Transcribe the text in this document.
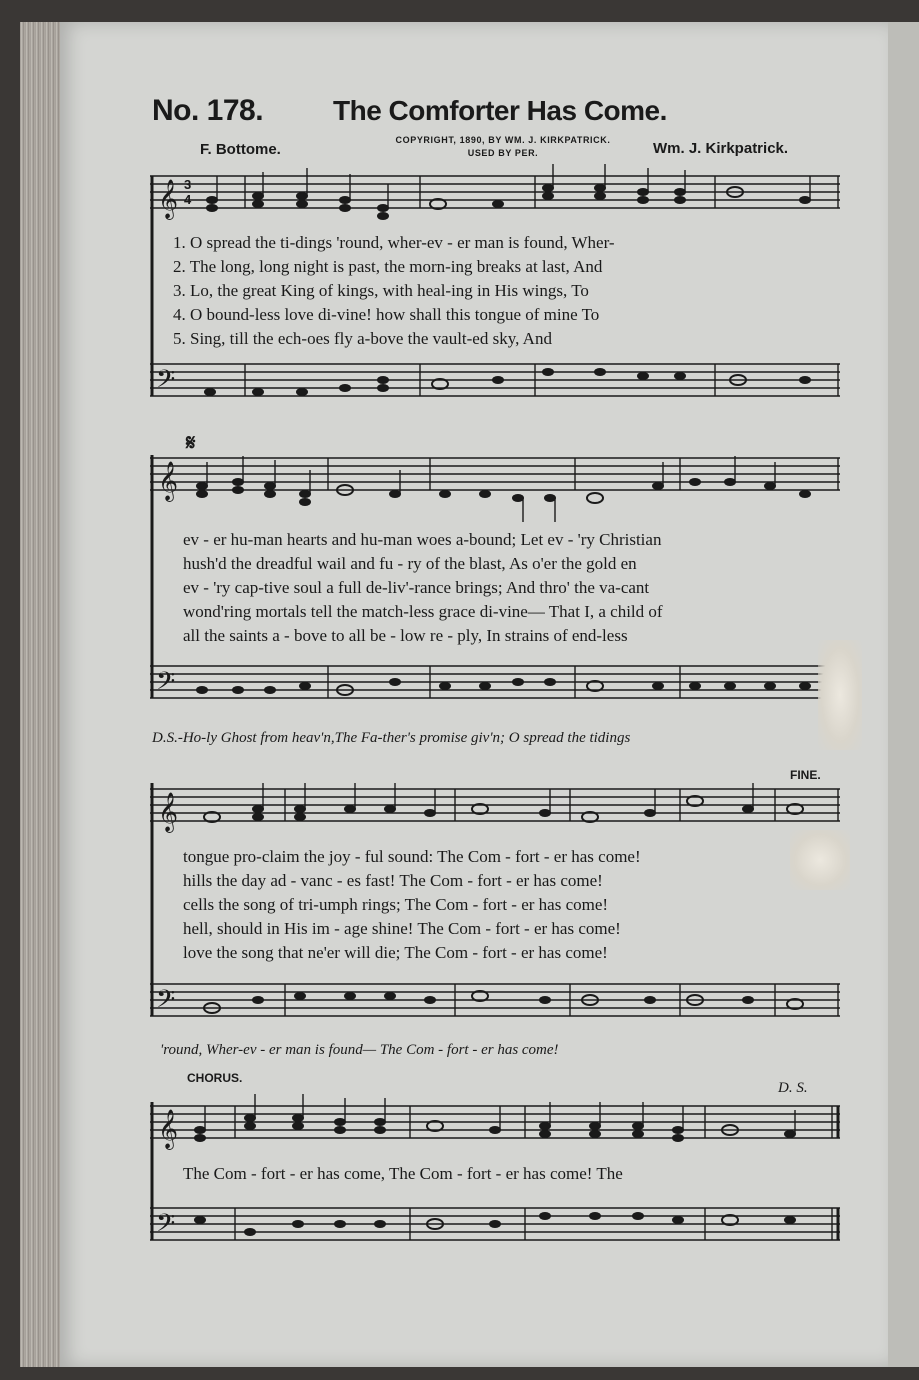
No. 178. The Comforter Has Come.
COPYRIGHT, 1890, BY WM. J. KIRKPATRICK.
USED BY PER.
F. Bottome.	Wm. J. Kirkpatrick.
𝄞 3
4
1. O spread the ti-dings 'round, wher-ev - er man is found, Wher-
2. The long, long night is past, the morn-ing breaks at last, And
3. Lo, the great King of kings, with heal-ing in His wings, To
4. O bound-less love di-vine! how shall this tongue of mine To
5. Sing, till the ech-oes fly a-bove the vault-ed sky, And
𝄢
𝄋
𝄞
ev - er hu-man hearts and hu-man woes a-bound; Let ev - 'ry Christian
hush'd the dreadful wail and fu - ry of the blast, As o'er the gold en
ev - 'ry cap-tive soul a full de-liv'-rance brings; And thro' the va-cant
wond'ring mortals tell the match-less grace di-vine— That I, a child of
all the saints a - bove to all be - low re - ply, In strains of end-less
𝄢
D.S.-Ho-ly Ghost from heav'n,The Fa-ther's promise giv'n; O spread the tidings
FINE.
𝄞
tongue pro-claim the joy - ful sound: The Com - fort - er has come!
hills the day ad - vanc - es fast! The Com - fort - er has come!
cells the song of tri-umph rings; The Com - fort - er has come!
hell, should in His im - age shine! The Com - fort - er has come!
love the song that ne'er will die; The Com - fort - er has come!
𝄢
'round, Wher-ev - er man is found— The Com - fort - er has come!
CHORUS.
D. S.
𝄞
The Com - fort - er has come, The Com - fort - er has come! The
𝄢
